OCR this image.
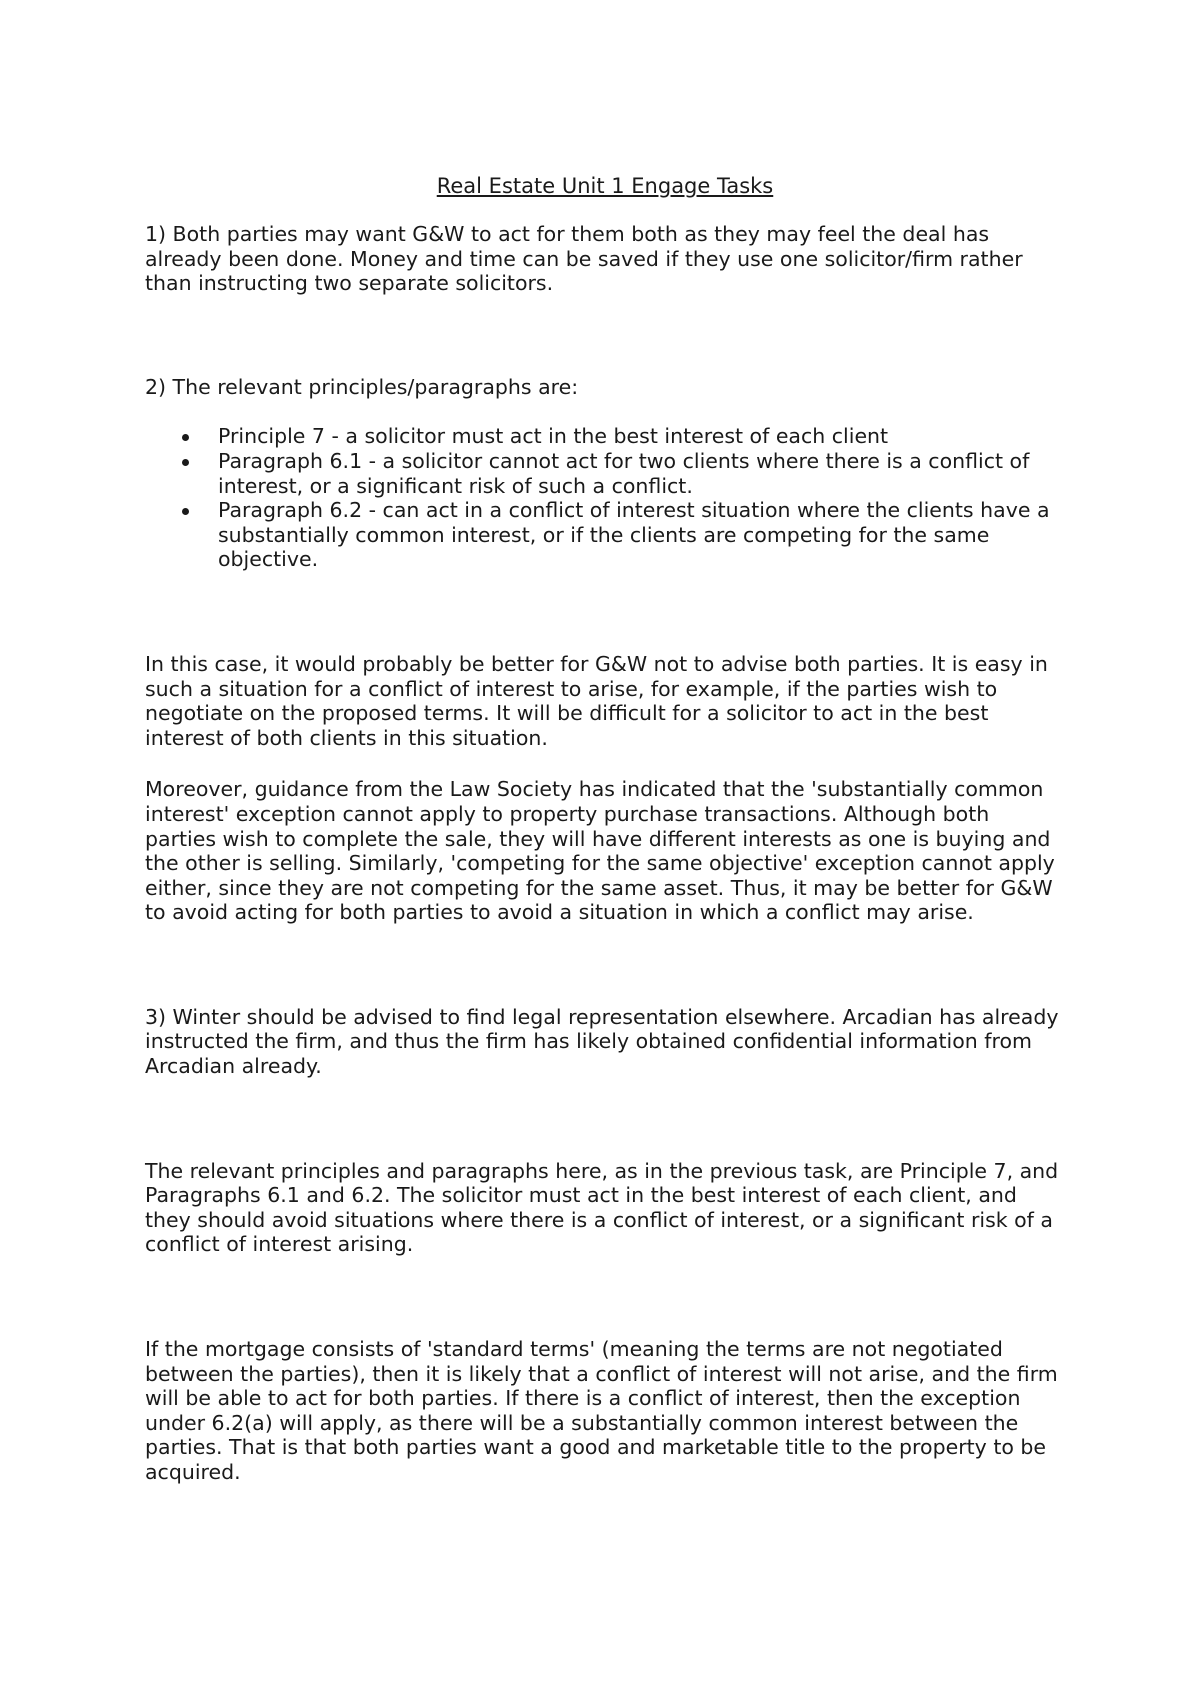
Real Estate Unit 1 Engage Tasks

1) Both parties may want G&W to act for them both as they may feel the deal has already been done. Money and time can be saved if they use one solicitor/firm rather than instructing two separate solicitors.

2) The relevant principles/paragraphs are:

Principle 7 - a solicitor must act in the best interest of each client
Paragraph 6.1 - a solicitor cannot act for two clients where there is a conflict of interest, or a significant risk of such a conflict.
Paragraph 6.2 - can act in a conflict of interest situation where the clients have a substantially common interest, or if the clients are competing for the same objective.

In this case, it would probably be better for G&W not to advise both parties. It is easy in such a situation for a conflict of interest to arise, for example, if the parties wish to negotiate on the proposed terms. It will be difficult for a solicitor to act in the best interest of both clients in this situation.

Moreover, guidance from the Law Society has indicated that the 'substantially common interest' exception cannot apply to property purchase transactions. Although both parties wish to complete the sale, they will have different interests as one is buying and the other is selling. Similarly, 'competing for the same objective' exception cannot apply either, since they are not competing for the same asset. Thus, it may be better for G&W to avoid acting for both parties to avoid a situation in which a conflict may arise.

3) Winter should be advised to find legal representation elsewhere. Arcadian has already instructed the firm, and thus the firm has likely obtained confidential information from Arcadian already.

The relevant principles and paragraphs here, as in the previous task, are Principle 7, and Paragraphs 6.1 and 6.2. The solicitor must act in the best interest of each client, and they should avoid situations where there is a conflict of interest, or a significant risk of a conflict of interest arising.

If the mortgage consists of 'standard terms' (meaning the terms are not negotiated between the parties), then it is likely that a conflict of interest will not arise, and the firm will be able to act for both parties. If there is a conflict of interest, then the exception under 6.2(a) will apply, as there will be a substantially common interest between the parties. That is that both parties want a good and marketable title to the property to be acquired.
